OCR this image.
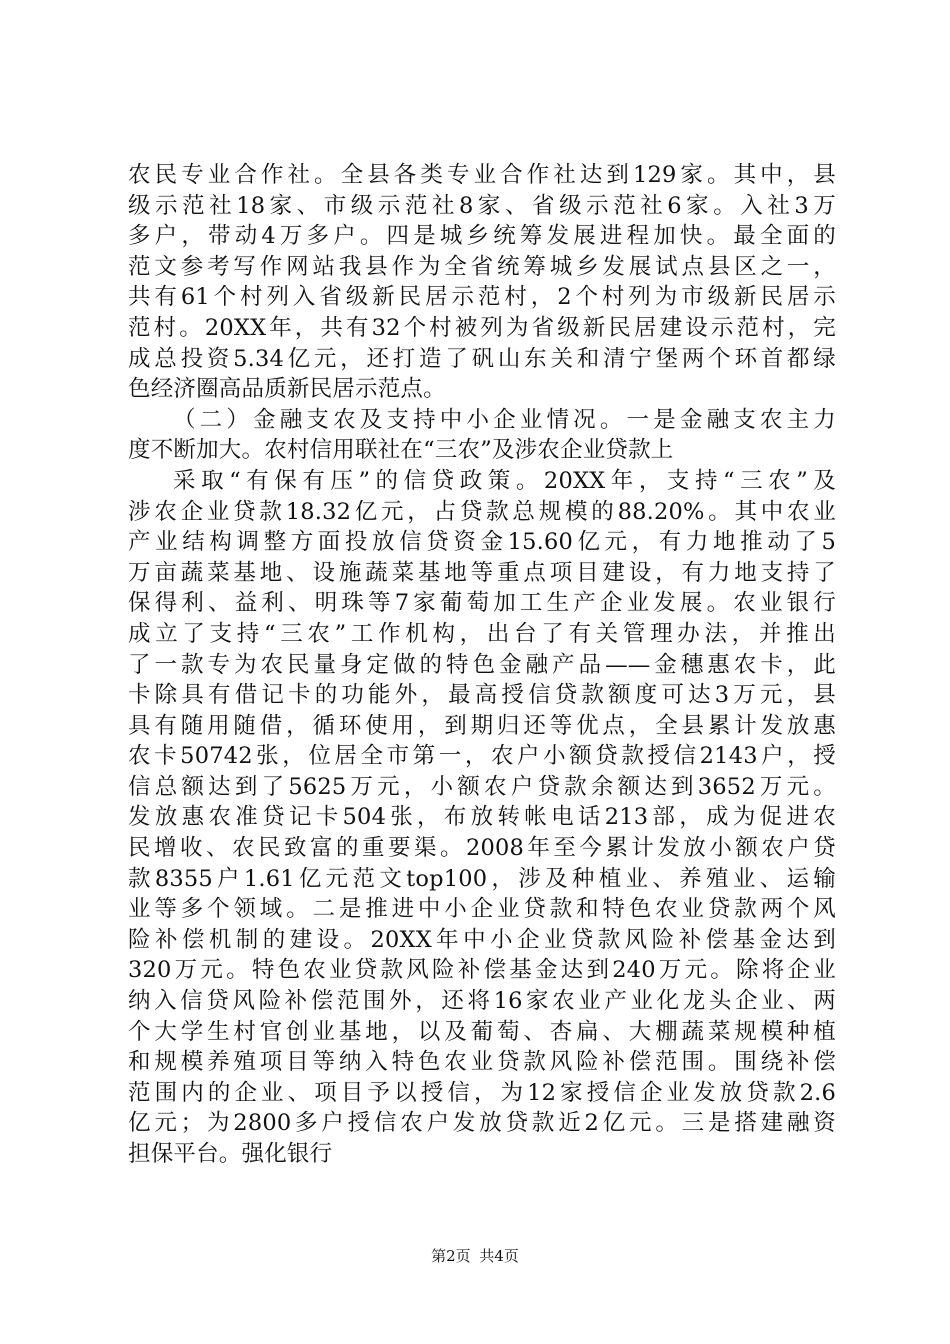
农民专业合作社。全县各类专业合作社达到129家。其中，县
级示范社18家、市级示范社8家、省级示范社6家。入社3万
多户，带动4万多户。四是城乡统筹发展进程加快。最全面的
范文参考写作网站我县作为全省统筹城乡发展试点县区之一，
共有61个村列入省级新民居示范村，2个村列为市级新民居示
范村。20XX年，共有32个村被列为省级新民居建设示范村，完
成总投资5.34亿元，还打造了矾山东关和清宁堡两个环首都绿
色经济圈高品质新民居示范点。
（二）金融支农及支持中小企业情况。一是金融支农主力
度不断加大。农村信用联社在“三农”及涉农企业贷款上
采取“有保有压”的信贷政策。20XX年，支持“三农”及
涉农企业贷款18.32亿元，占贷款总规模的88.20%。其中农业
产业结构调整方面投放信贷资金15.60亿元，有力地推动了5
万亩蔬菜基地、设施蔬菜基地等重点项目建设，有力地支持了
保得利、益利、明珠等7家葡萄加工生产企业发展。农业银行
成立了支持“三农”工作机构，出台了有关管理办法，并推出
了一款专为农民量身定做的特色金融产品——金穗惠农卡，此
卡除具有借记卡的功能外，最高授信贷款额度可达3万元，县
具有随用随借，循环使用，到期归还等优点，全县累计发放惠
农卡50742张，位居全市第一，农户小额贷款授信2143户，授
信总额达到了5625万元，小额农户贷款余额达到3652万元。
发放惠农准贷记卡504张，布放转帐电话213部，成为促进农
民增收、农民致富的重要渠。2008年至今累计发放小额农户贷
款8355户1.61亿元范文top100，涉及种植业、养殖业、运输
业等多个领域。二是推进中小企业贷款和特色农业贷款两个风
险补偿机制的建设。20XX年中小企业贷款风险补偿基金达到
320万元。特色农业贷款风险补偿基金达到240万元。除将企业
纳入信贷风险补偿范围外，还将16家农业产业化龙头企业、两
个大学生村官创业基地，以及葡萄、杏扁、大棚蔬菜规模种植
和规模养殖项目等纳入特色农业贷款风险补偿范围。围绕补偿
范围内的企业、项目予以授信，为12家授信企业发放贷款2.6
亿元；为2800多户授信农户发放贷款近2亿元。三是搭建融资
担保平台。强化银行
第2页 共4页
